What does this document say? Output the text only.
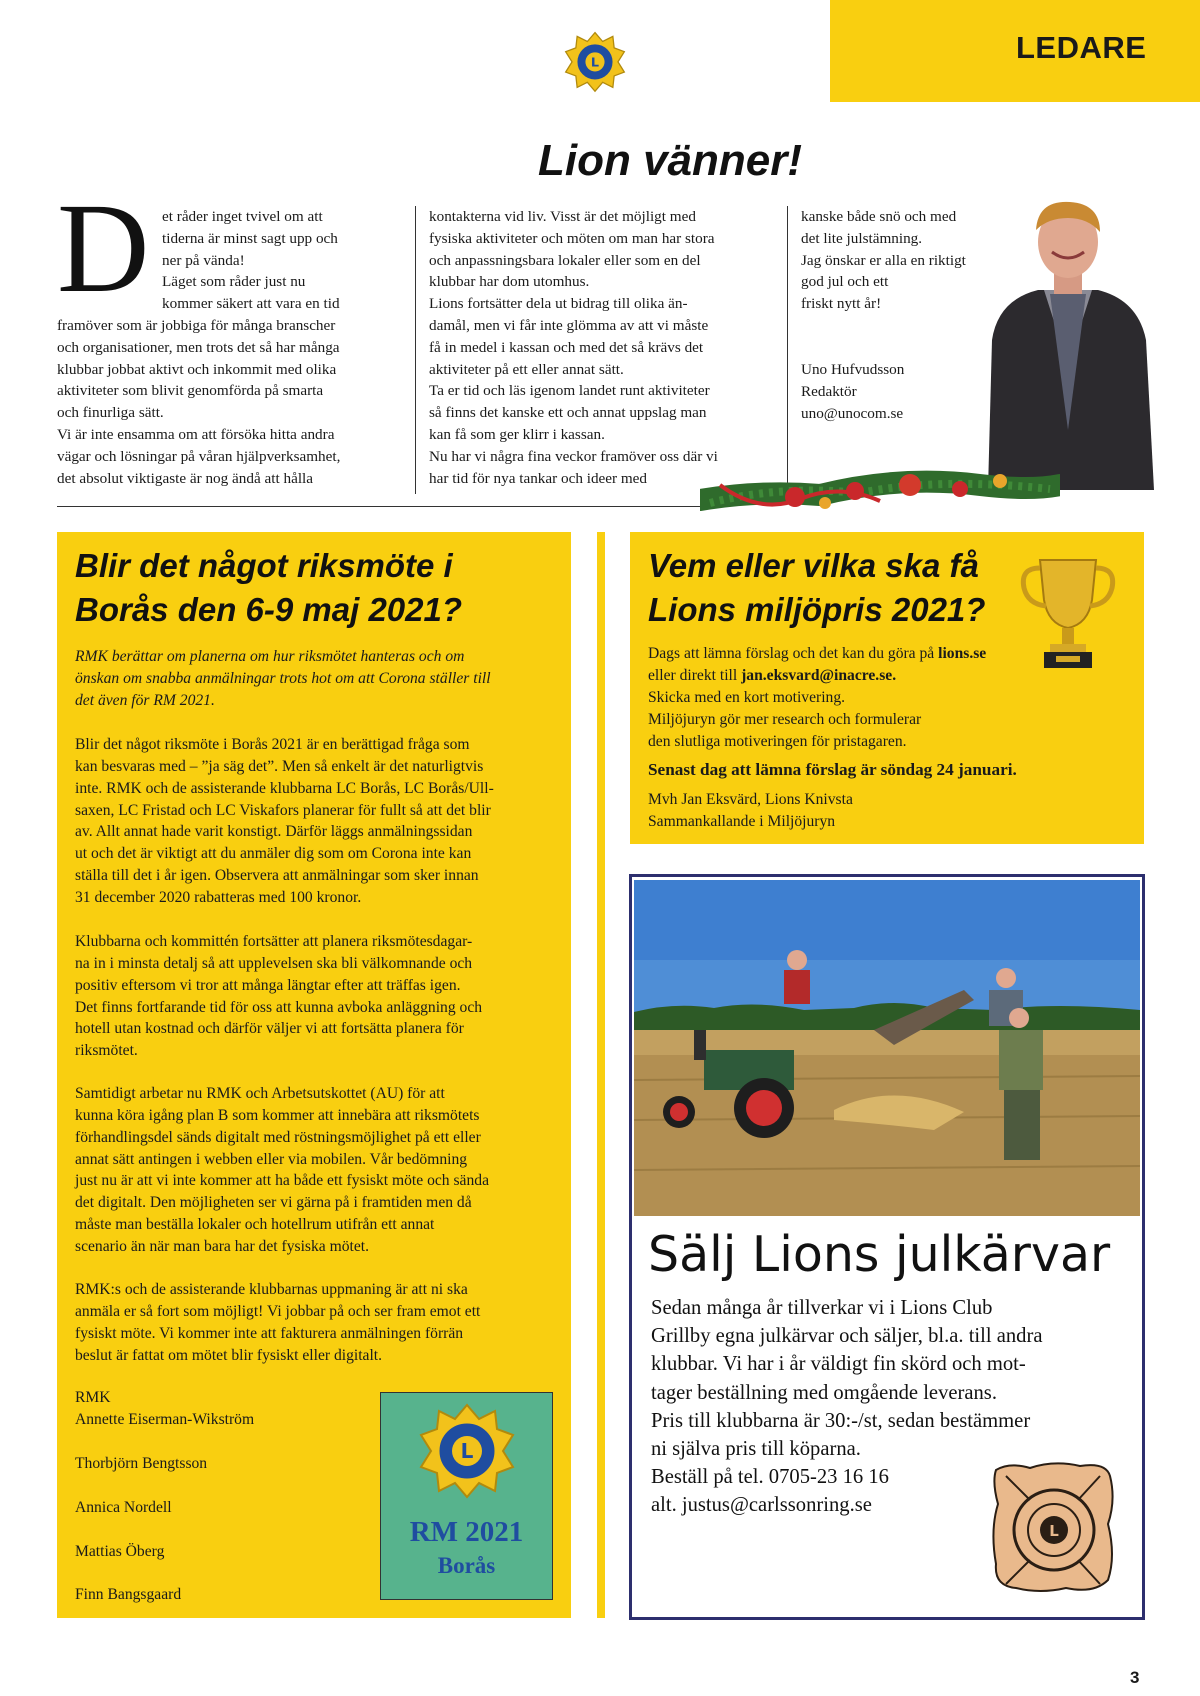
LEDARE
L
Lion vänner!
D et råder inget tvivel om att
tiderna är minst sagt upp och
ner på vända!
Läget som råder just nu
kommer säkert att vara en tid
framöver som är jobbiga för många branscher
och organisationer, men trots det så har många
klubbar jobbat aktivt och inkommit med olika
aktiviteter som blivit genomförda på smarta
och finurliga sätt.
Vi är inte ensamma om att försöka hitta andra
vägar och lösningar på våran hjälpverksamhet,
det absolut viktigaste är nog ändå att hålla
kontakterna vid liv. Visst är det möjligt med
fysiska aktiviteter och möten om man har stora
och anpassningsbara lokaler eller som en del
klubbar har dom utomhus.
Lions fortsätter dela ut bidrag till olika än-
damål, men vi får inte glömma av att vi måste
få in medel i kassan och med det så krävs det
aktiviteter på ett eller annat sätt.
Ta er tid och läs igenom landet runt aktiviteter
så finns det kanske ett och annat uppslag man
kan få som ger klirr i kassan.
Nu har vi några fina veckor framöver oss där vi
har tid för nya tankar och ideer med
kanske både snö och med
det lite julstämning.
Jag önskar er alla en riktigt
god jul och ett
friskt nytt år!
Uno Hufvudsson
Redaktör
uno@unocom.se
Blir det något riksmöte i
Borås den 6-9 maj 2021?
RMK berättar om planerna om hur riksmötet hanteras och om
önskan om snabba anmälningar trots hot om att Corona ställer till
det även för RM 2021.
Blir det något riksmöte i Borås 2021 är en berättigad fråga som
kan besvaras med – ”ja säg det”. Men så enkelt är det naturligtvis
inte. RMK och de assisterande klubbarna LC Borås, LC Borås/Ull-
saxen, LC Fristad och LC Viskafors planerar för fullt så att det blir
av. Allt annat hade varit konstigt. Därför läggs anmälningssidan
ut och det är viktigt att du anmäler dig som om Corona inte kan
ställa till det i år igen. Observera att anmälningar som sker innan
31 december 2020 rabatteras med 100 kronor.
Klubbarna och kommittén fortsätter att planera riksmötesdagar-
na in i minsta detalj så att upplevelsen ska bli välkomnande och
positiv eftersom vi tror att många längtar efter att träffas igen.
Det finns fortfarande tid för oss att kunna avboka anläggning och
hotell utan kostnad och därför väljer vi att fortsätta planera för
riksmötet.
Samtidigt arbetar nu RMK och Arbetsutskottet (AU) för att
kunna köra igång plan B som kommer att innebära att riksmötets
förhandlingsdel sänds digitalt med röstningsmöjlighet på ett eller
annat sätt antingen i webben eller via mobilen. Vår bedömning
just nu är att vi inte kommer att ha både ett fysiskt möte och sända
det digitalt. Den möjligheten ser vi gärna på i framtiden men då
måste man beställa lokaler och hotellrum utifrån ett annat
scenario än när man bara har det fysiska mötet.
RMK:s och de assisterande klubbarnas uppmaning är att ni ska
anmäla er så fort som möjligt! Vi jobbar på och ser fram emot ett
fysiskt möte. Vi kommer inte att fakturera anmälningen förrän
beslut är fattat om mötet blir fysiskt eller digitalt.
RMK
Annette Eiserman-Wikström
Thorbjörn Bengtsson
Annica Nordell
Mattias Öberg
Finn Bangsgaard
L
RM 2021
Borås
Vem eller vilka ska få
Lions miljöpris 2021?
Dags att lämna förslag och det kan du göra på lions.se
eller direkt till jan.eksvard@inacre.se.
Skicka med en kort motivering.
Miljöjuryn gör mer research och formulerar
den slutliga motiveringen för pristagaren.
Senast dag att lämna förslag är söndag 24 januari.
Mvh Jan Eksvärd, Lions Knivsta
Sammankallande i Miljöjuryn
Sälj Lions julkärvar
Sedan många år tillverkar vi i Lions Club
Grillby egna julkärvar och säljer, bl.a. till andra
klubbar. Vi har i år väldigt fin skörd och mot-
tager beställning med omgående leverans.
Pris till klubbarna är 30:-/st, sedan bestämmer
ni själva pris till köparna.
Beställ på tel. 0705-23 16 16
alt. justus@carlssonring.se
L
3
